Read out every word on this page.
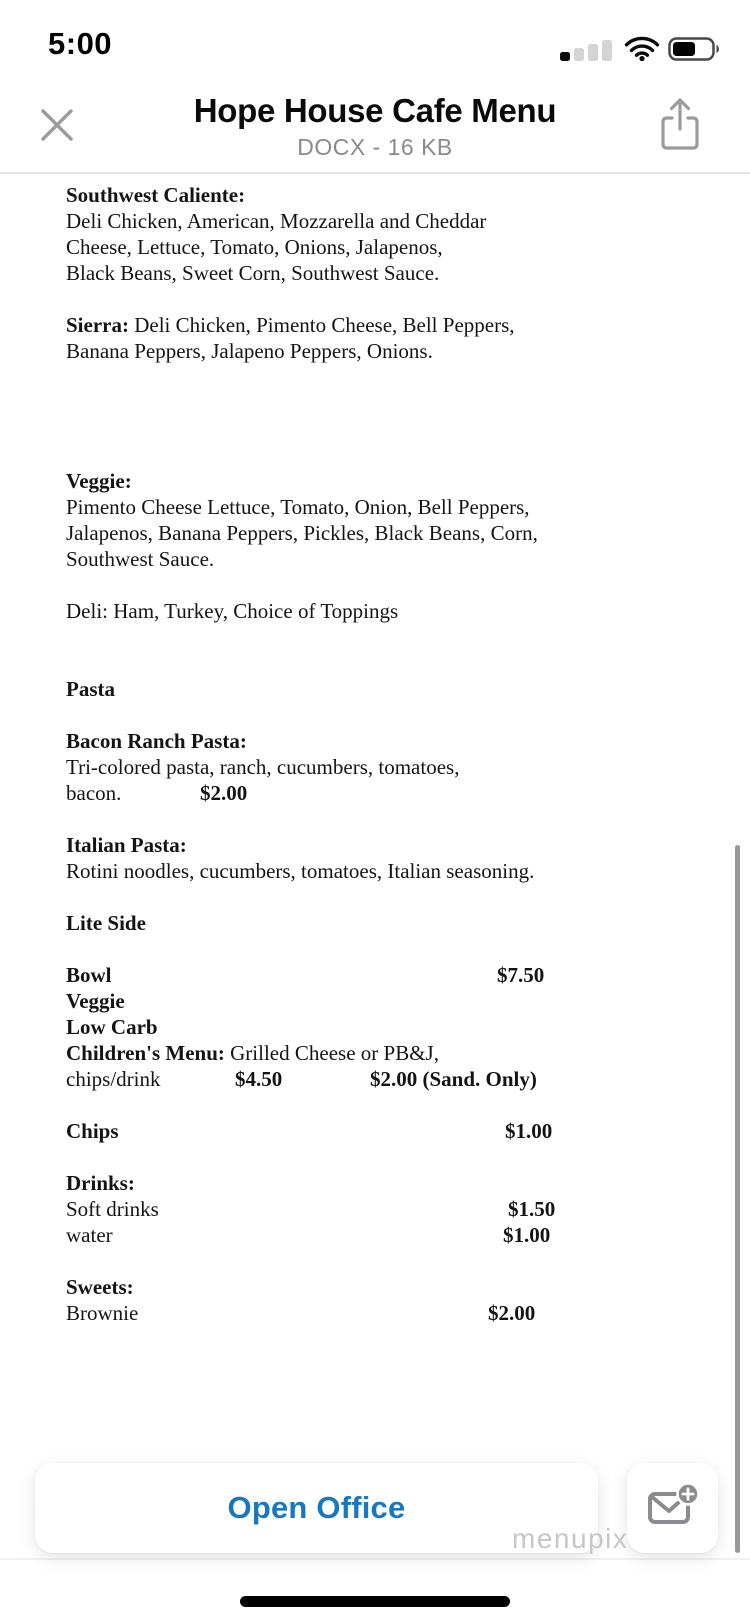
5:00
Hope House Cafe Menu
DOCX - 16 KB
Southwest Caliente:
Deli Chicken, American, Mozzarella and Cheddar
Cheese, Lettuce, Tomato, Onions, Jalapenos,
Black Beans, Sweet Corn, Southwest Sauce.
Sierra: Deli Chicken, Pimento Cheese, Bell Peppers,
Banana Peppers, Jalapeno Peppers, Onions.
Veggie:
Pimento Cheese Lettuce, Tomato, Onion, Bell Peppers,
Jalapenos, Banana Peppers, Pickles, Black Beans, Corn,
Southwest Sauce.
Deli: Ham, Turkey, Choice of Toppings
Pasta
Bacon Ranch Pasta:
Tri-colored pasta, ranch, cucumbers, tomatoes,
bacon.	$2.00
Italian Pasta:
Rotini noodles, cucumbers, tomatoes, Italian seasoning.
Lite Side
Bowl	$7.50
Veggie
Low Carb
Children's Menu: Grilled Cheese or PB&J,
chips/drink	$4.50	$2.00 (Sand. Only)
Chips	$1.00
Drinks:
Soft drinks	$1.50
water	$1.00
Sweets:
Brownie	$2.00
Open Office
menupix
